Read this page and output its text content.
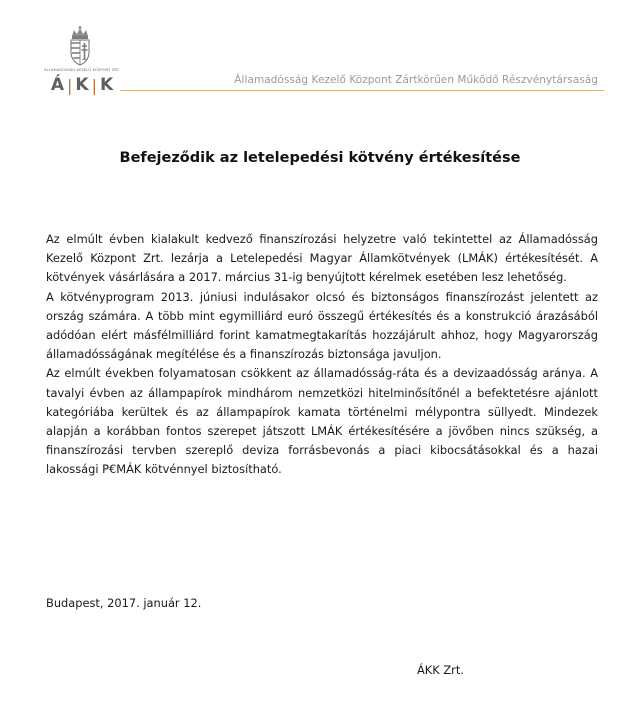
ÁLLAMADÓSSÁG KEZELŐ KÖZPONT ZRT.
Á | K | K	Államadósság Kezelő Központ Zártkörűen Működő Részvénytársaság
Befejeződik az letelepedési kötvény értékesítése

Az elmúlt évben kialakult kedvező finanszírozási helyzetre való tekintettel az Államadósság Kezelő Központ Zrt. lezárja a Letelepedési Magyar Államkötvények (LMÁK) értékesítését. A kötvények vásárlására a 2017. március 31-ig benyújtott kérelmek esetében lesz lehetőség.

A kötvényprogram 2013. júniusi indulásakor olcsó és biztonságos finanszírozást jelentett az ország számára. A több mint egymilliárd euró összegű értékesítés és a konstrukció árazásából adódóan elért másfélmilliárd forint kamatmegtakarítás hozzájárult ahhoz, hogy Magyarország államadósságának megítélése és a finanszírozás biztonsága javuljon.

Az elmúlt években folyamatosan csökkent az államadósság-ráta és a devizaadósság aránya. A tavalyi évben az állampapírok mindhárom nemzetközi hitelminősítőnél a befektetésre ajánlott kategóriába kerültek és az állampapírok kamata történelmi mélypontra süllyedt. Mindezek alapján a korábban fontos szerepet játszott LMÁK értékesítésére a jövőben nincs szükség, a finanszírozási tervben szereplő deviza forrásbevonás a piaci kibocsátásokkal és a hazai lakossági P€MÁK kötvénnyel biztosítható.

Budapest, 2017. január 12.
ÁKK Zrt.
